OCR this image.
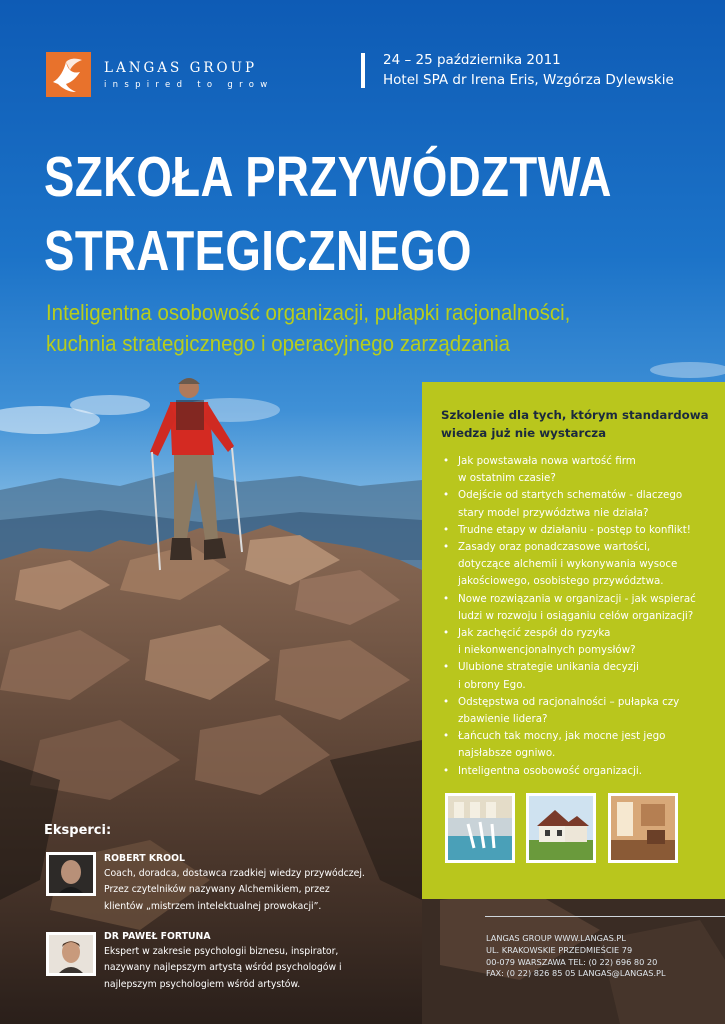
LANGAS GROUP
inspired to grow
24 – 25 października 2011
Hotel SPA dr Irena Eris, Wzgórza Dylewskie
SZKOŁA PRZYWÓDZTWA
STRATEGICZNEGO
Inteligentna osobowość organizacji, pułapki racjonalności,
kuchnia strategicznego i operacyjnego zarządzania
Szkolenie dla tych, którym standardowa wiedza już nie wystarcza
• Jak powstawała nowa wartość firm
w ostatnim czasie?
• Odejście od startych schematów - dlaczego
stary model przywództwa nie działa?
• Trudne etapy w działaniu - postęp to konflikt!
• Zasady oraz ponadczasowe wartości,
dotyczące alchemii i wykonywania wysoce
jakościowego, osobistego przywództwa.
• Nowe rozwiązania w organizacji - jak wspierać
ludzi w rozwoju i osiąganiu celów organizacji?
• Jak zachęcić zespół do ryzyka
i niekonwencjonalnych pomysłów?
• Ulubione strategie unikania decyzji
i obrony Ego.
• Odstępstwa od racjonalności – pułapka czy
zbawienie lidera?
• Łańcuch tak mocny, jak mocne jest jego
najsłabsze ogniwo.
• Inteligentna osobowość organizacji.
Eksperci:
ROBERT KROOL
Coach, doradca, dostawca rzadkiej wiedzy przywódczej.
Przez czytelników nazywany Alchemikiem, przez
klientów „mistrzem intelektualnej prowokacji”.
DR PAWEŁ FORTUNA
Ekspert w zakresie psychologii biznesu, inspirator,
nazywany najlepszym artystą wśród psychologów i
najlepszym psychologiem wśród artystów.
LANGAS GROUP WWW.LANGAS.PL
UL. KRAKOWSKIE PRZEDMIEŚCIE 79
00-079 WARSZAWA TEL: (0 22) 696 80 20
FAX: (0 22) 826 85 05 LANGAS@LANGAS.PL
